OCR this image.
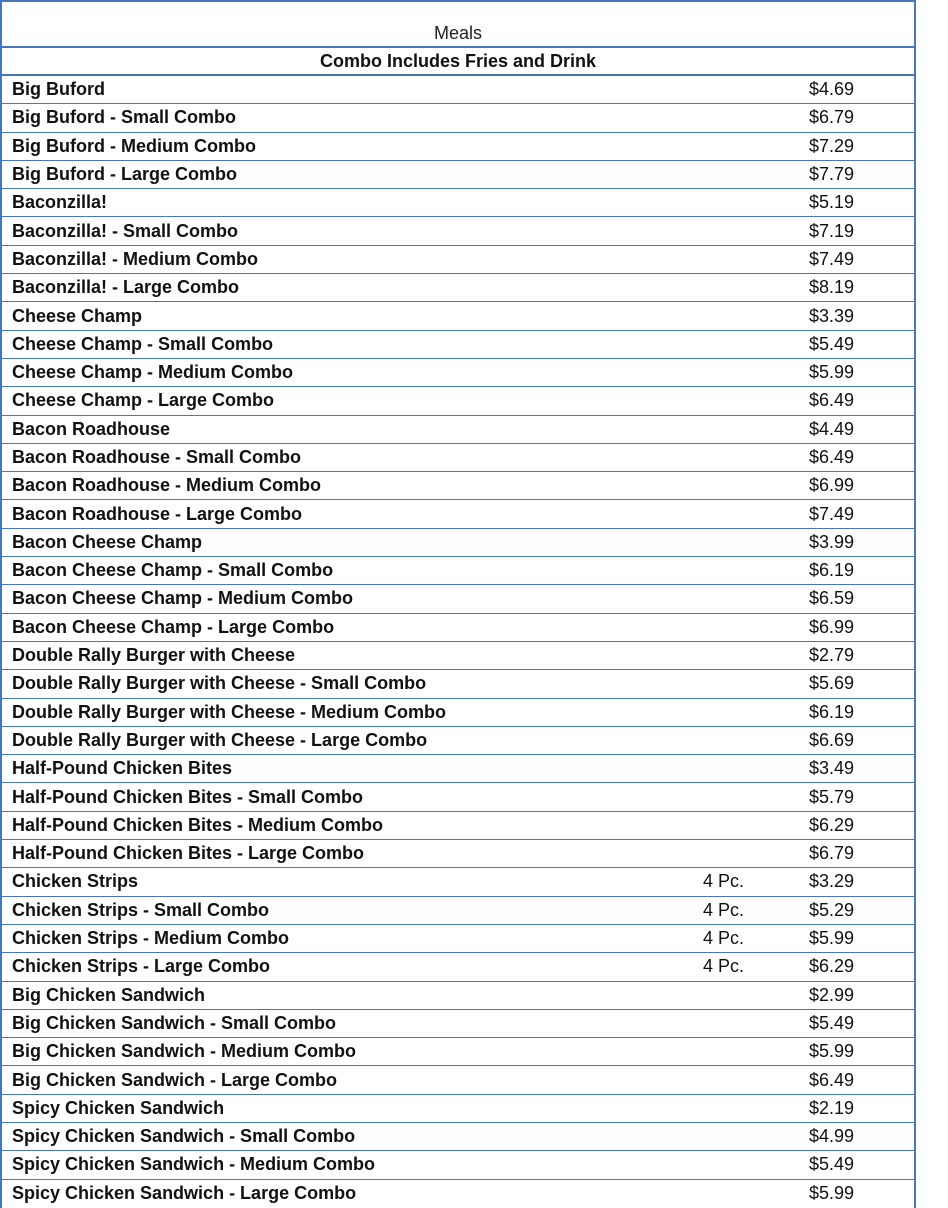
Meals
Combo Includes Fries and Drink
Big Buford	$4.69
Big Buford - Small Combo	$6.79
Big Buford - Medium Combo	$7.29
Big Buford - Large Combo	$7.79
Baconzilla!	$5.19
Baconzilla! - Small Combo	$7.19
Baconzilla! - Medium Combo	$7.49
Baconzilla! - Large Combo	$8.19
Cheese Champ	$3.39
Cheese Champ - Small Combo	$5.49
Cheese Champ - Medium Combo	$5.99
Cheese Champ - Large Combo	$6.49
Bacon Roadhouse	$4.49
Bacon Roadhouse - Small Combo	$6.49
Bacon Roadhouse - Medium Combo	$6.99
Bacon Roadhouse - Large Combo	$7.49
Bacon Cheese Champ	$3.99
Bacon Cheese Champ - Small Combo	$6.19
Bacon Cheese Champ - Medium Combo	$6.59
Bacon Cheese Champ - Large Combo	$6.99
Double Rally Burger with Cheese	$2.79
Double Rally Burger with Cheese - Small Combo	$5.69
Double Rally Burger with Cheese - Medium Combo	$6.19
Double Rally Burger with Cheese - Large Combo	$6.69
Half-Pound Chicken Bites	$3.49
Half-Pound Chicken Bites - Small Combo	$5.79
Half-Pound Chicken Bites - Medium Combo	$6.29
Half-Pound Chicken Bites - Large Combo	$6.79
Chicken Strips	4 Pc.	$3.29
Chicken Strips - Small Combo	4 Pc.	$5.29
Chicken Strips - Medium Combo	4 Pc.	$5.99
Chicken Strips - Large Combo	4 Pc.	$6.29
Big Chicken Sandwich	$2.99
Big Chicken Sandwich - Small Combo	$5.49
Big Chicken Sandwich - Medium Combo	$5.99
Big Chicken Sandwich - Large Combo	$6.49
Spicy Chicken Sandwich	$2.19
Spicy Chicken Sandwich - Small Combo	$4.99
Spicy Chicken Sandwich - Medium Combo	$5.49
Spicy Chicken Sandwich - Large Combo	$5.99
